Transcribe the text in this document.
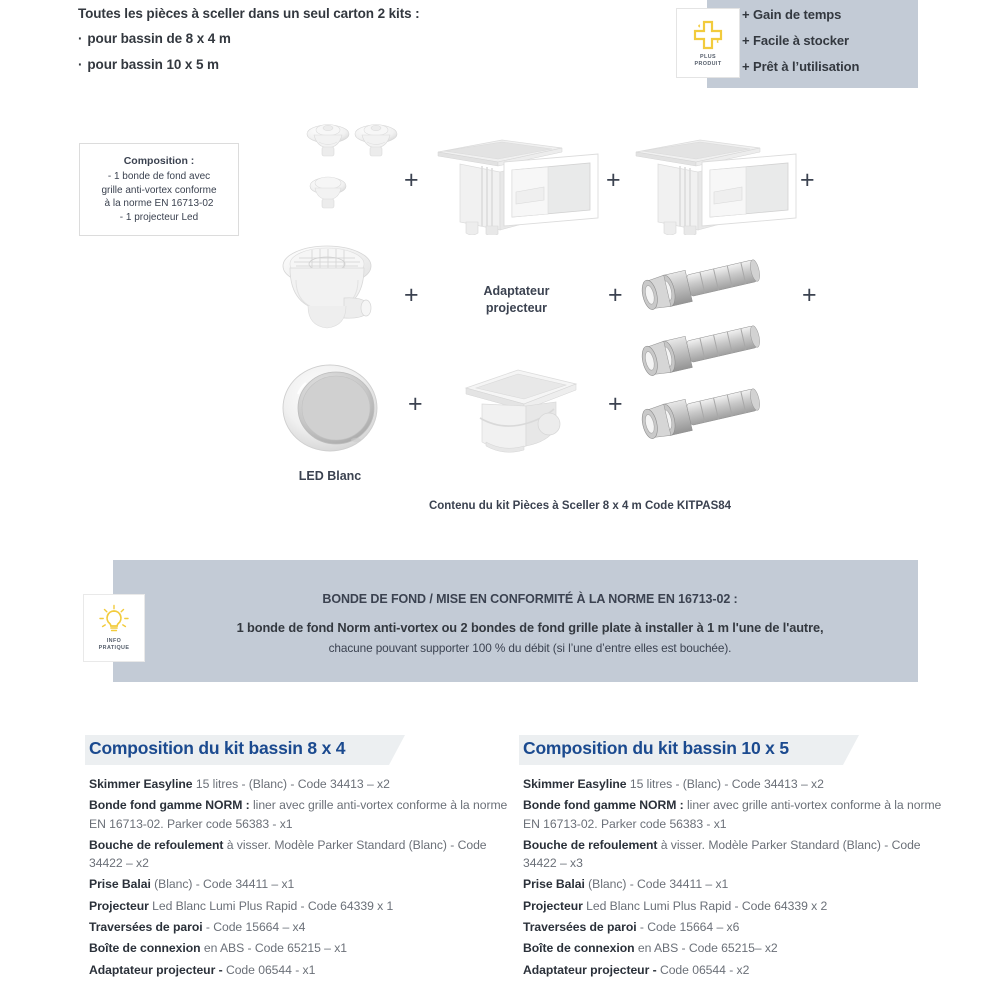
Toutes les pièces à sceller dans un seul carton 2 kits :
· pour bassin de 8 x 4 m
· pour bassin 10 x 5 m
PLUS
PRODUIT
+ Gain de temps
+ Facile à stocker
+ Prêt à l’utilisation
Composition :
- 1 bonde de fond avec
grille anti-vortex conforme
à la norme EN 16713-02
- 1 projecteur Led
+	+	+
+	Adaptateur
projecteur	+	+
+	+
LED Blanc
Contenu du kit Pièces à Sceller 8 x 4 m Code KITPAS84
INFO
PRATIQUE
BONDE DE FOND / MISE EN CONFORMITÉ À LA NORME EN 16713-02 :
1 bonde de fond Norm anti-vortex ou 2 bondes de fond grille plate à installer à 1 m l'une de l'autre,
chacune pouvant supporter 100 % du débit (si l’une d’entre elles est bouchée).
Composition du kit bassin 8 x 4
Skimmer Easyline 15 litres - (Blanc) - Code 34413 – x2
Bonde fond gamme NORM : liner avec grille anti-vortex conforme à la norme EN 16713-02. Parker code 56383 - x1
Bouche de refoulement à visser. Modèle Parker Standard (Blanc) - Code 34422 – x2
Prise Balai (Blanc) - Code 34411 – x1
Projecteur Led Blanc Lumi Plus Rapid - Code 64339 x 1
Traversées de paroi - Code 15664 – x4
Boîte de connexion en ABS - Code 65215 – x1
Adaptateur projecteur - Code 06544 - x1
Composition du kit bassin 10 x 5
Skimmer Easyline 15 litres - (Blanc) - Code 34413 – x2
Bonde fond gamme NORM : liner avec grille anti-vortex conforme à la norme EN 16713-02. Parker code 56383 - x1
Bouche de refoulement à visser. Modèle Parker Standard (Blanc) - Code 34422 – x3
Prise Balai (Blanc) - Code 34411 – x1
Projecteur Led Blanc Lumi Plus Rapid - Code 64339 x 2
Traversées de paroi - Code 15664 – x6
Boîte de connexion en ABS - Code 65215– x2
Adaptateur projecteur - Code 06544 - x2
